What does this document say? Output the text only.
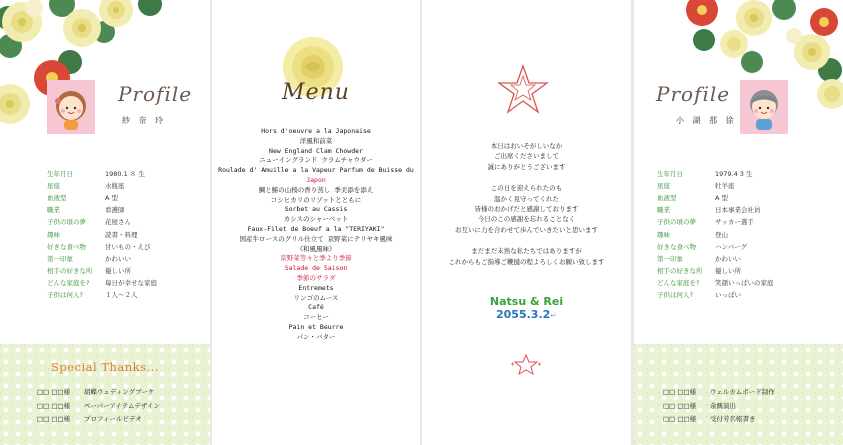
Profile
紗 奈 玲
生年月日	1980.1 ８ 生
星座	水瓶座
血液型	A 型
職業	看護師
子供の頃の夢	花屋さん
趣味	読書・料理
好きな食べ物	甘いもの・えび
第一印象	かわいい
相手の好きな所	優しい所
どんな家庭を?	毎日が幸せな家庭
子供は何人?	１人～２人
Special Thanks...
□□ □□様 胡蝶ウェディングブーケ
□□ □□様 ペーパーアイテムデザイン
□□ □□様 プロフィールビデオ
Menu
Hors d'oeuvre a la Japonaise
洋風和前菜
New England Clam Chowder
ニューイングランド クラムチャウダー
Roulade d' Amuille a la Vapeur Parfum de Buisse du
Japon
鯛と鰆の山桜の香り蒸し 季美添を添え
コシヒカリのリゾットとともに
Sorbet au Cassis
カシスのシャーベット
Faux-Filet de Boeuf a la "TERIYAKI"
国産牛ロースのグリル仕立て 京野菜にテリヤキ風味
《和風風味》
京野菜等々と季より季節
Salade de Saison
季節のサラダ
Entremets
リンゴのムース
Café
コーヒー
Pain et Beurre
パン・バター
本日はおいそがしいなか
ご出席くださいまして
誠にありがとうございます
この日を迎えられたのも
温かく見守ってくれた
皆様のおかげだと感謝しております
今日のこの感謝を忘れることなく
お互いに力を合わせて歩んでいきたいと思います
まだまだ未熟な私たちではありますが
これからもご指導ご鞭撻の程よろしくお願い致します
Natsu & Rei
2055.3.2↵
Profile
小 湖 那 徐
生年月日	1979.4 3 生
星座	牡羊座
血液型	A 型
職業	日本事業会社員
子供の頃の夢	サッカー選手
趣味	登山
好きな食べ物	ハンバーグ
第一印象	かわいい
相手の好きな所	優しい所
どんな家庭を?	笑顔いっぱいの家庭
子供は何人?	いっぱい
□□ □□様 ウェルカムボード制作
□□ □□様 余興演出
□□ □□様 受付芳名帳書き
